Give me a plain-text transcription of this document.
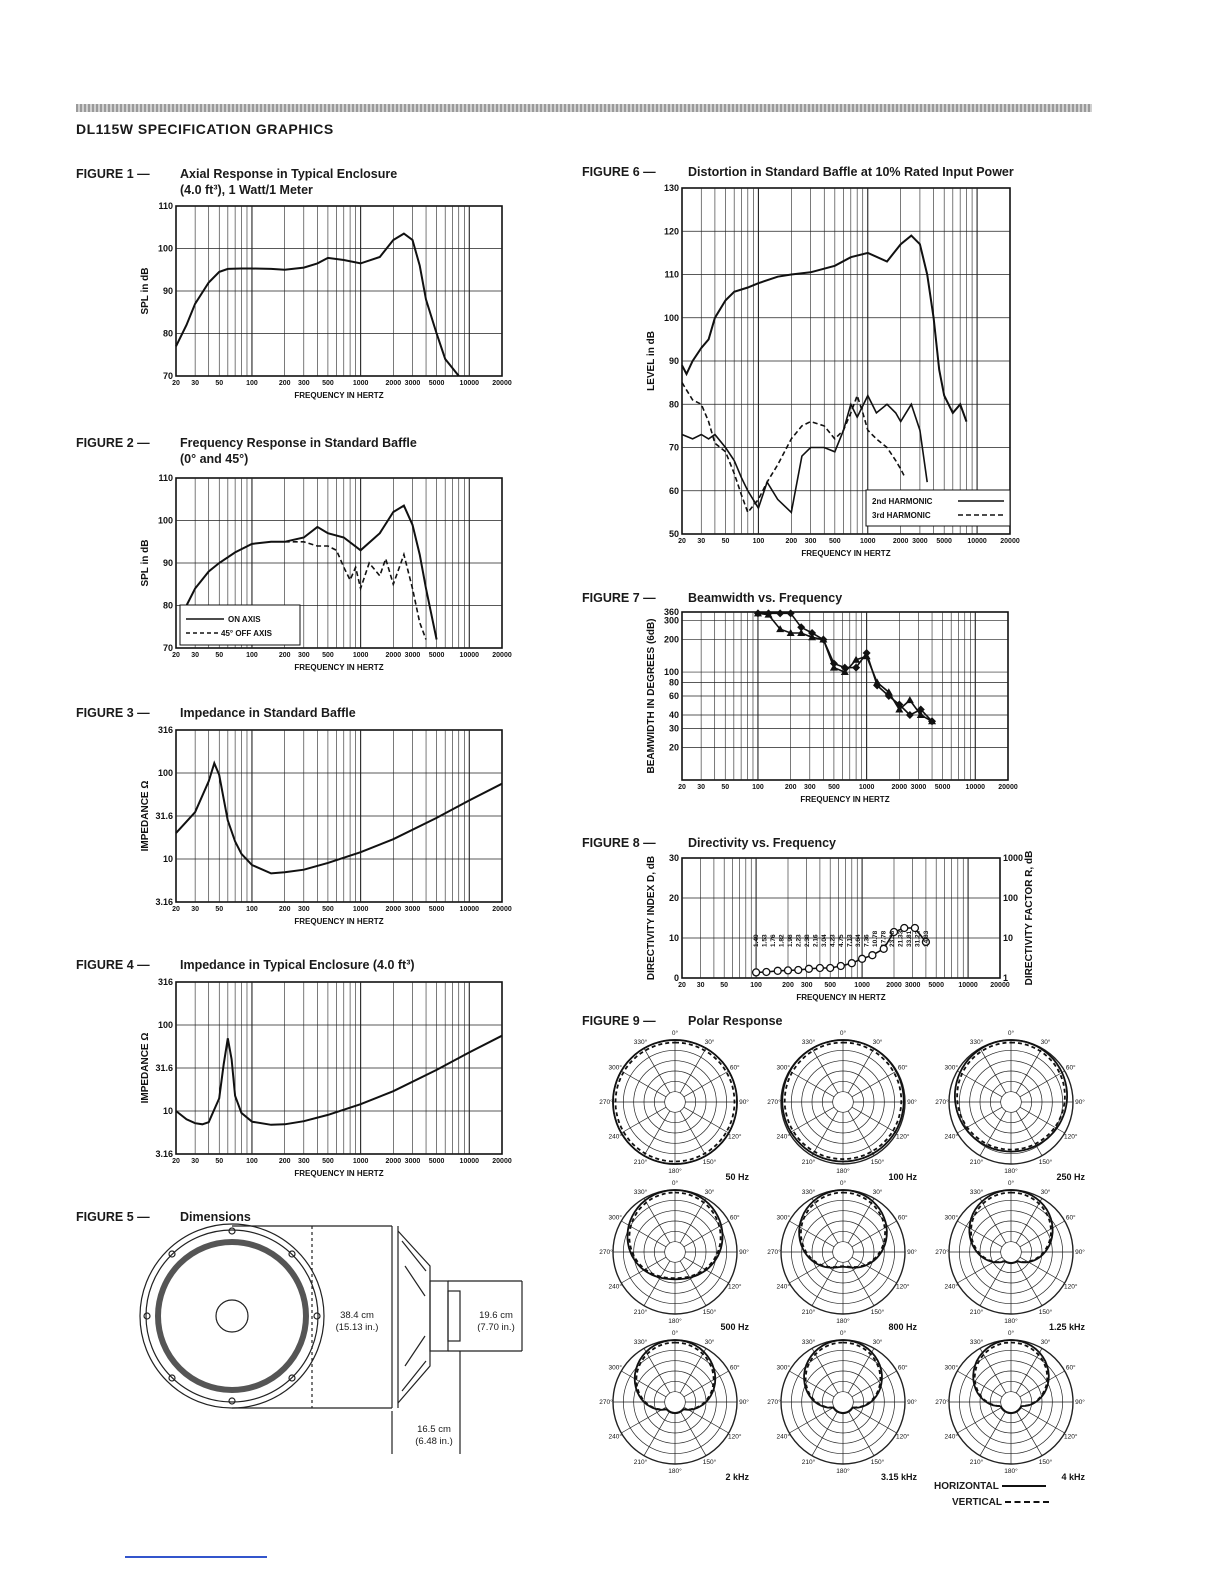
DL115W SPECIFICATION GRAPHICS
FIGURE 1 — Axial Response in Typical Enclosure
(4.0 ft³), 1 Watt/1 Meter
20 30 50	100	200 300 500	1000 2000 3000 5000 10000 20000
FREQUENCY IN HERTZ
110
100
90
80
70
SPL in dB
FIGURE 2 — Frequency Response in Standard Baffle
(0° and 45°)
20 30 50	100	200 300 500	1000 2000 3000 5000 10000 20000
FREQUENCY IN HERTZ
110
100
90
80
70
SPL in dB
ON AXIS
45° OFF AXIS
FIGURE 3 — Impedance in Standard Baffle
20 30 50	100	200 300 500	1000 2000 3000 5000 10000 20000
FREQUENCY IN HERTZ
316
100
31.6
10
3.16
IMPEDANCE Ω
FIGURE 4 — Impedance in Typical Enclosure (4.0 ft³)
20 30 50	100	200 300 500	1000 2000 3000 5000 10000 20000
FREQUENCY IN HERTZ
316
100
31.6
10
3.16
IMPEDANCE Ω
FIGURE 5 — Dimensions
38.4 cm
(15.13 in.)
19.6 cm
(7.70 in.)
16.5 cm
(6.48 in.)
FIGURE 6 —	Distortion in Standard Baffle at 10% Rated Input Power
20 30 50	100	200 300 500	1000 2000 3000 5000 10000 20000
FREQUENCY IN HERTZ
130
120
110
100
90
80
70
60
50
LEVEL in dB
2nd HARMONIC
3rd HARMONIC
FIGURE 7 —	Beamwidth vs. Frequency
20 30 50	100	200 300 500	1000 2000 3000 5000 10000 20000
FREQUENCY IN HERTZ
360
300
200
100
80
60
40
30
20
BEAMWIDTH IN DEGREES (6dB)
FIGURE 8 —	Directivity vs. Frequency
20 30 50	100	200 300 500	1000 2000 3000 5000 10000 20000
FREQUENCY IN HERTZ
30
20
10
0
DIRECTIVITY INDEX D, dB	1000
100
10
1 DIRECTIVITY FACTOR R, dB
1.40 1.53 1.76 1.82 1.98 2.23 2.38 2.16 3.04 4.23 4.75 7.13 3.64 7.36 10.78 17.78 23.38 21.33 33.81 31.22 14.83
FIGURE 9 —	Polar Response
0°
30°
60°
90°
120°
150°
180°
210°
240°
270°
300°
330°
50 Hz
0°
30°
60°
90°
120°
150°
180°
210°
240°
270°
300°
330°
100 Hz
0°
30°
60°
90°
120°
150°
180°
210°
240°
270°
300°
330°
250 Hz
0°
30°
60°
90°
120°
150°
180°
210°
240°
270°
300°
330°
500 Hz
0°
30°
60°
90°
120°
150°
180°
210°
240°
270°
300°
330°
800 Hz
0°
30°
60°
90°
120°
150°
180°
210°
240°
270°
300°
330°
1.25 kHz
0°
30°
60°
90°
120°
150°
180°
210°
240°
270°
300°
330°
2 kHz
0°
30°
60°
90°
120°
150°
180°
210°
240°
270°
300°
330°
3.15 kHz
0°
30°
60°
90°
120°
150°
180°
210°
240°
270°
300°
330°
4 kHz
HORIZONTAL
VERTICAL
